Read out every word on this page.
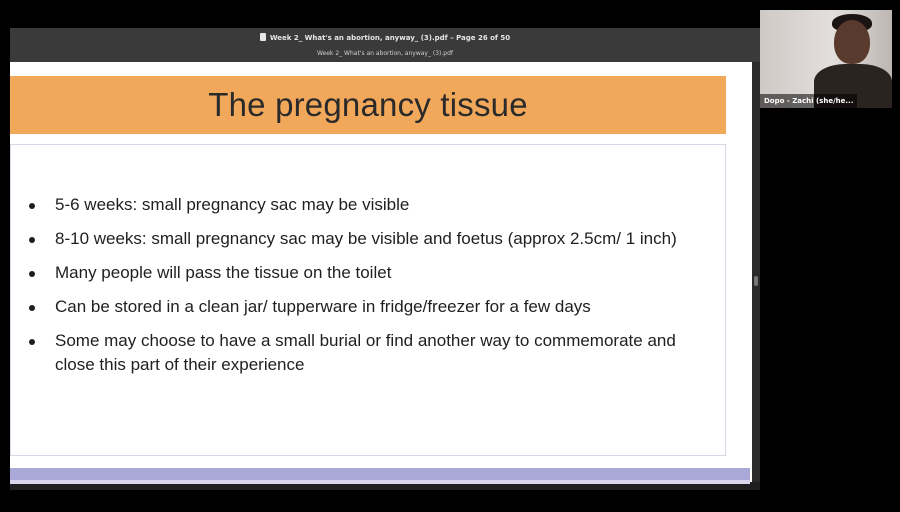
Week 2_ What's an abortion, anyway_ (3).pdf – Page 26 of 50
Week 2_ What's an abortion, anyway_ (3).pdf
The pregnancy tissue
5-6 weeks: small pregnancy sac may be visible
8-10 weeks: small pregnancy sac may be visible and foetus (approx 2.5cm/ 1 inch)
Many people will pass the tissue on the toilet
Can be stored in a clean jar/ tupperware in fridge/freezer for a few days
Some may choose to have a small burial or find another way to commemorate and close this part of their experience
Dopo - Zachi (she/he...
